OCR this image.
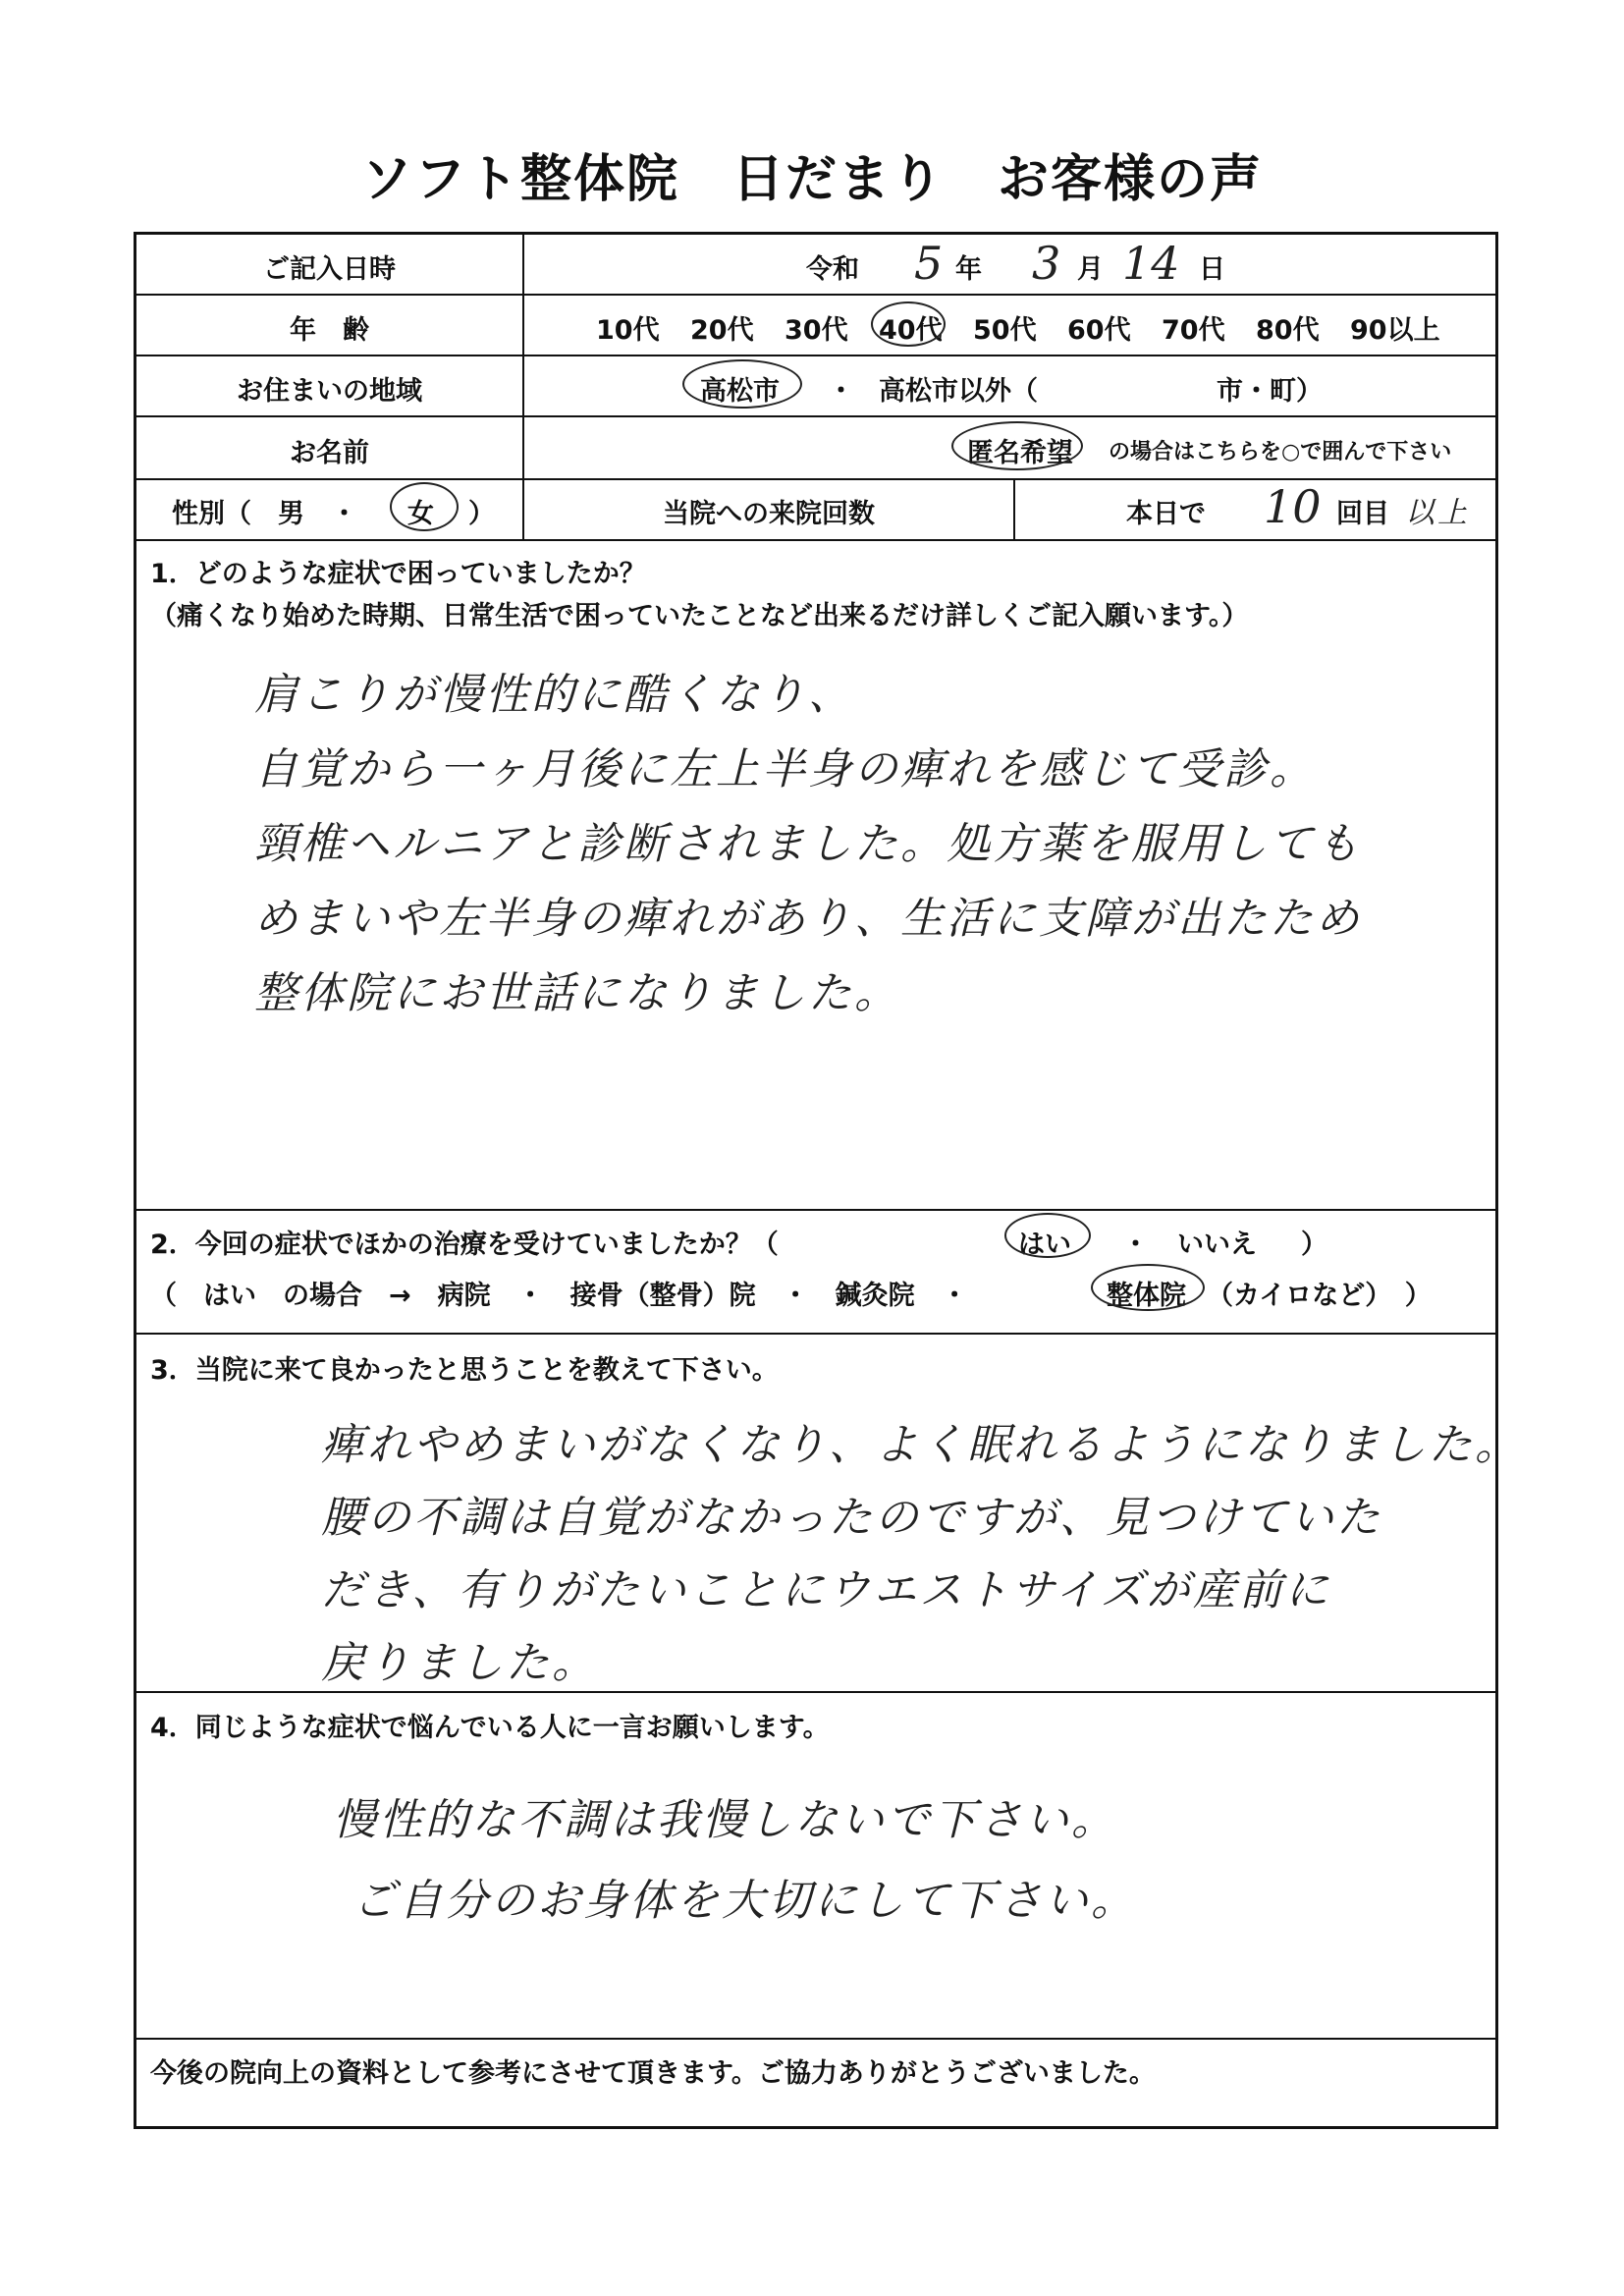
ソフト整体院　日だまり　お客様の声
ご記入日時	令和 5 年 3 月 14 日
年　齢	10代 20代 30代 40代 50代 60代 70代 80代 90以上
お住まいの地域	高松市 ・ 高松市以外（	市・町）
お名前	匿名希望 の場合はこちらを○で囲んで下さい
性別（　男　・ 女 ）	当院への来院回数	本日で 10 回目 以上
1．どのような症状で困っていましたか？
（痛くなり始めた時期、日常生活で困っていたことなど出来るだけ詳しくご記入願います。）
肩こりが慢性的に酷くなり、
自覚から一ヶ月後に左上半身の痺れを感じて受診。
頸椎ヘルニアと診断されました。処方薬を服用しても
めまいや左半身の痺れがあり、生活に支障が出たため
整体院にお世話になりました。
2．今回の症状でほかの治療を受けていましたか？（	はい ・ いいえ ）
（　はい　の場合　→　病院　・　接骨（整骨）院　・　鍼灸院　・	整体院 （カイロなど）　）
3．当院に来て良かったと思うことを教えて下さい。
痺れやめまいがなくなり、よく眠れるようになりました。
腰の不調は自覚がなかったのですが、見つけていた
だき、有りがたいことにウエストサイズが産前に
戻りました。
4．同じような症状で悩んでいる人に一言お願いします。
慢性的な不調は我慢しないで下さい。
ご自分のお身体を大切にして下さい。
今後の院向上の資料として参考にさせて頂きます。ご協力ありがとうございました。
